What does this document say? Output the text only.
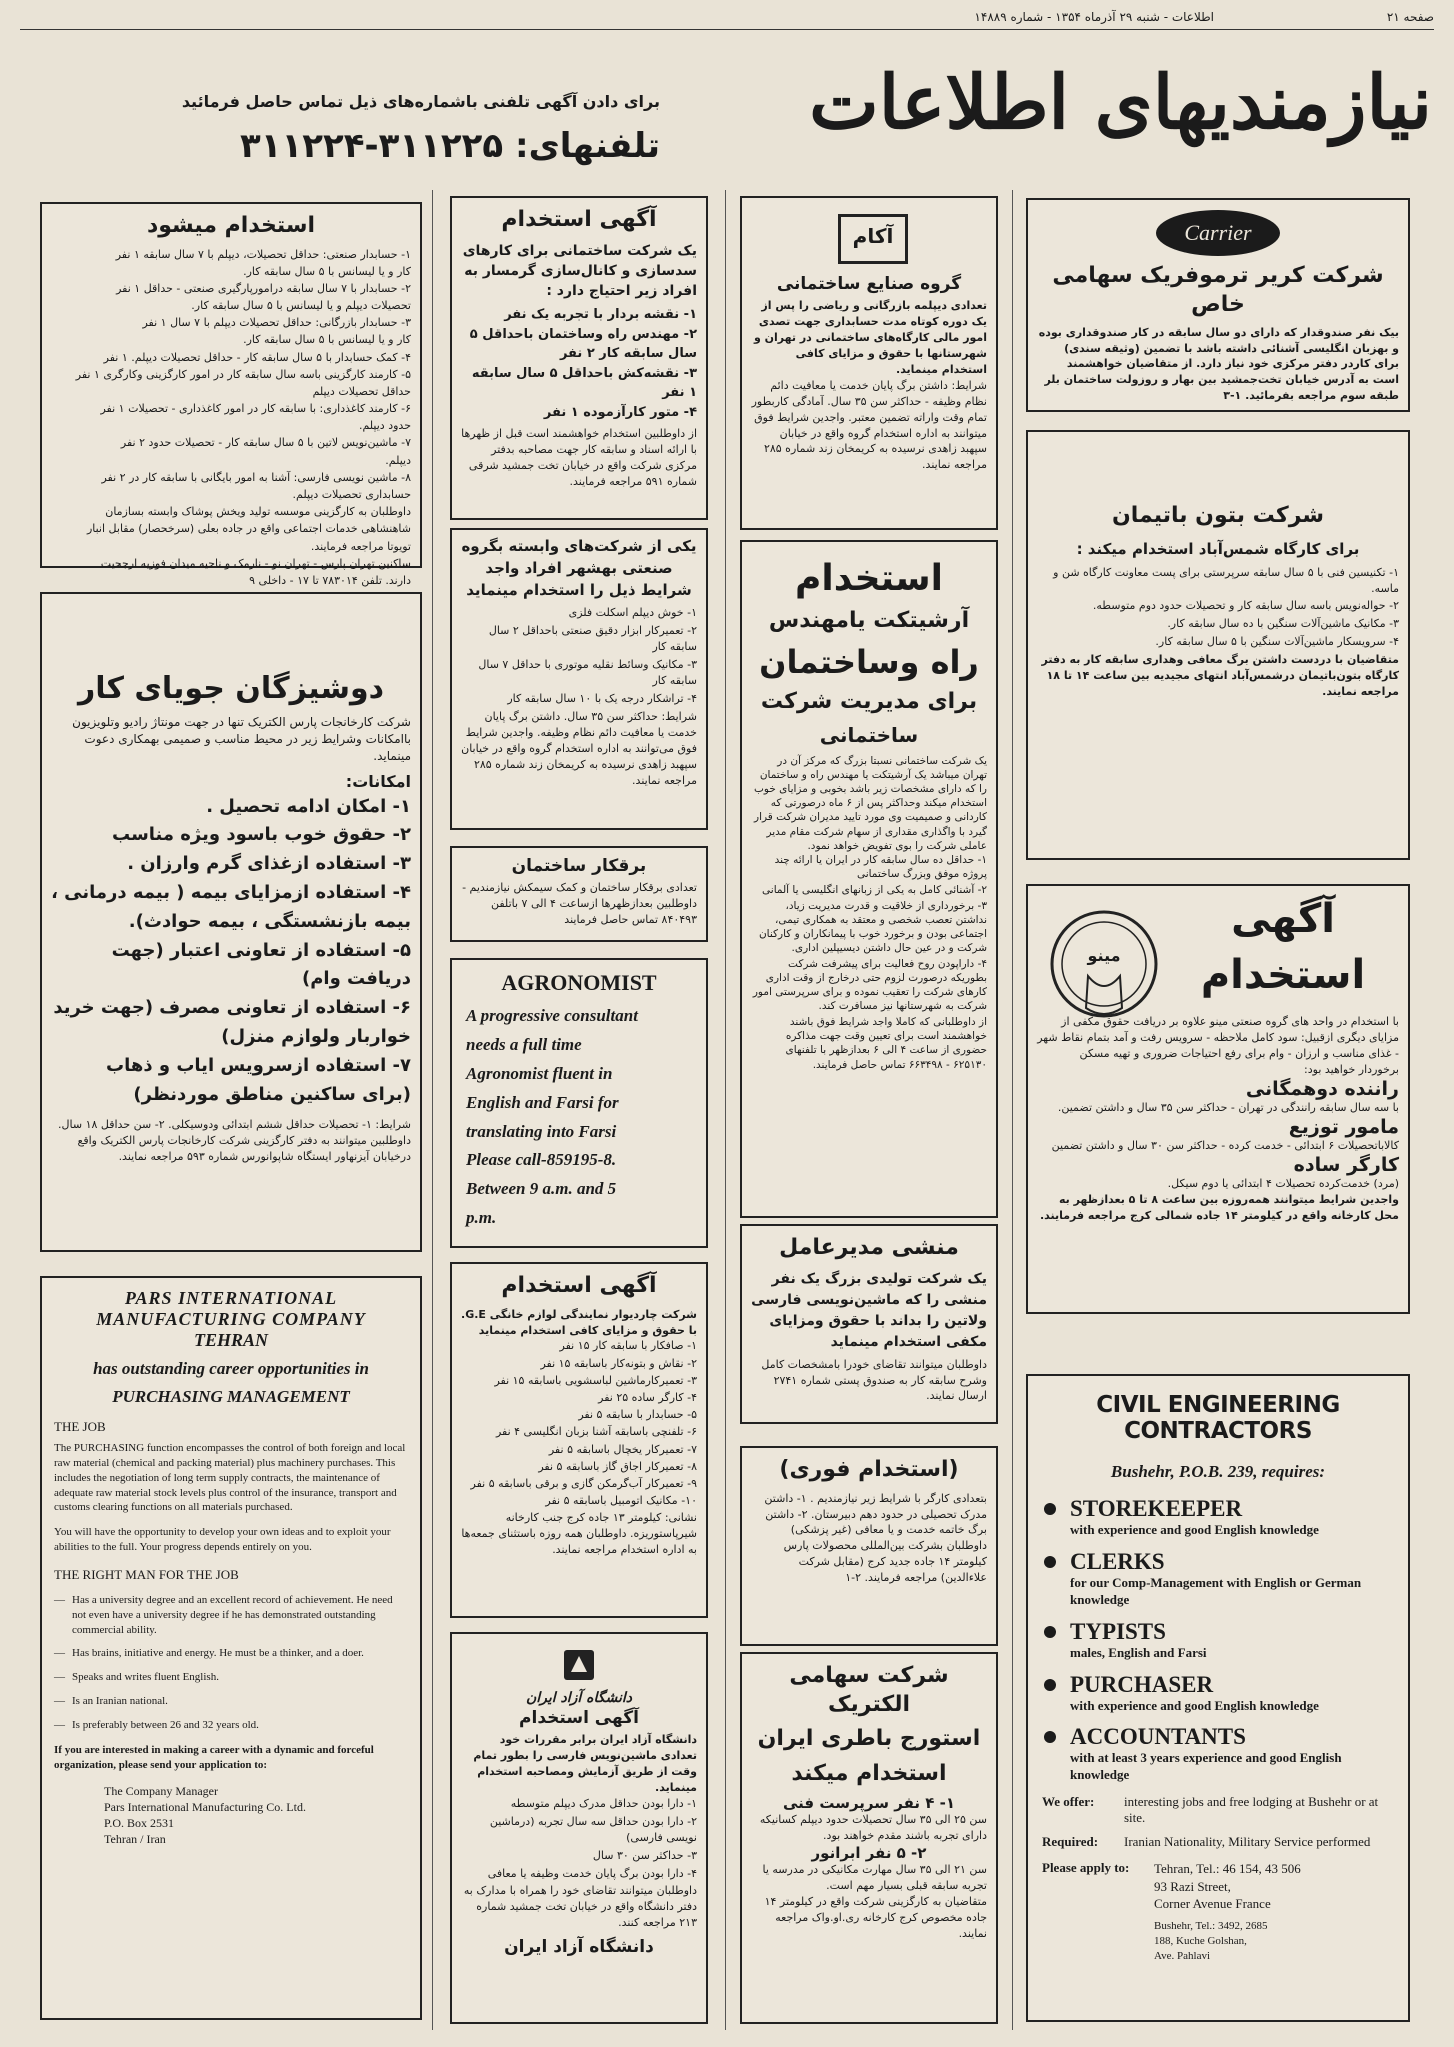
صفحه ۲۱
اطلاعات - شنبه ۲۹ آذرماه ۱۳۵۴ - شماره ۱۴۸۸۹
نیازمندیهای اطلاعات
برای دادن آگهی تلفنی باشماره‌های ذیل تماس حاصل فرمائید
تلفنهای: ۳۱۱۲۲۵-۳۱۱۲۲۴
استخدام میشود
۱- حسابدار صنعتی: حداقل تحصیلات، دیپلم با ۷ سال سابقه ۱ نفر
کار و یا لیسانس با ۵ سال سابقه کار.
۲- حسابدار با ۷ سال سابقه درامورپارگیری صنعتی - حداقل ۱ نفر
تحصیلات دیپلم و یا لیسانس با ۵ سال سابقه کار.
۳- حسابدار بازرگانی: حداقل تحصیلات دیپلم با ۷ سال ۱ نفر
کار و یا لیسانس با ۵ سال سابقه کار.
۴- کمک حسابدار با ۵ سال سابقه کار - حداقل تحصیلات دیپلم. ۱ نفر
۵- کارمند کارگزینی باسه سال سابقه کار در امور کارگزینی وکارگری ۱ نفر
حداقل تحصیلات دیپلم
۶- کارمند کاغذداری: با سابقه کار در امور کاغذداری - تحصیلات ۱ نفر
حدود دیپلم.
۷- ماشین‌نویس لاتین با ۵ سال سابقه کار - تحصیلات حدود ۲ نفر
دیپلم.
۸- ماشین نویسی فارسی: آشنا به امور بایگانی با سابقه کار در ۲ نفر
حسابداری تحصیلات دیپلم.
داوطلبان به کارگزینی موسسه تولید ویخش پوشاک وابسته بسازمان
شاهنشاهی خدمات اجتماعی واقع در جاده بعلی (سرخحصار) مقابل انبار
تویوتا مراجعه فرمایند.
ساکنین تهران پارس - تهران نو - نارمک و ناحیه میدان فوزیه ارجحیت
دارند. تلفن ۷۸۳۰۱۴ تا ۱۷ - داخلی ۹
دوشیزگان جویای کار
شرکت کارخانجات پارس الکتریک تنها در جهت مونتاژ رادیو وتلویزیون باامکانات وشرایط زیر در محیط مناسب و صمیمی بهمکاری دعوت مینماید.
امکانات:
۱- امکان ادامه تحصیل .
۲- حقوق خوب باسود ویژه مناسب
۳- استفاده ازغذای گرم وارزان .
۴- استفاده ازمزایای بیمه ( بیمه درمانی ، بیمه بازنشستگی ، بیمه حوادث).
۵- استفاده از تعاونی اعتبار (جهت دریافت وام)
۶- استفاده از تعاونی مصرف (جهت خرید خواربار ولوازم منزل)
۷- استفاده ازسرویس ایاب و ذهاب (برای ساکنین مناطق موردنظر)
شرایط: ۱- تحصیلات حداقل ششم ابتدائی ودوسیکلی. ۲- سن حداقل ۱۸ سال. داوطلبین میتوانند به دفتر کارگزینی شرکت کارخانجات پارس الکتریک واقع درخیابان آیزنهاور ایستگاه شاپوانورس شماره ۵۹۳ مراجعه نمایند.
PARS INTERNATIONAL
MANUFACTURING COMPANY
TEHRAN
has outstanding career opportunities in
PURCHASING MANAGEMENT
THE JOB
The PURCHASING function encompasses the control of both foreign and local raw material (chemical and packing material) plus machinery purchases. This includes the negotiation of long term supply contracts, the maintenance of adequate raw material stock levels plus control of the insurance, transport and customs clearing functions on all materials purchased.
You will have the opportunity to develop your own ideas and to exploit your abilities to the full. Your progress depends entirely on you.
THE RIGHT MAN FOR THE JOB
— Has a university degree and an excellent record of achievement. He need not even have a university degree if he has demonstrated outstanding commercial ability.
— Has brains, initiative and energy. He must be a thinker, and a doer.
— Speaks and writes fluent English.
— Is an Iranian national.
— Is preferably between 26 and 32 years old.
If you are interested in making a career with a dynamic and forceful organization, please send your application to:
The Company Manager
Pars International Manufacturing Co. Ltd.
P.O. Box 2531
Tehran / Iran
آگهی استخدام
یک شرکت ساختمانی برای کارهای سدسازی و کانال‌سازی گرمسار به افراد زیر احتیاج دارد :
۱- نقشه بردار با تجربه یک نفر
۲- مهندس راه وساختمان باحداقل ۵ سال سابقه کار ۲ نفر
۳- نقشه‌کش باحداقل ۵ سال سابقه ۱ نفر
۴- متور کارآزموده ۱ نفر
از داوطلبین استخدام خواهشمند است قبل از ظهرها با ارائه اسناد و سابقه کار جهت مصاحبه بدفتر مرکزی شرکت واقع در خیابان تخت جمشید شرقی شماره ۵۹۱ مراجعه فرمایند.
یکی از شرکت‌های وابسته بگروه صنعتی بهشهر افراد واجد شرایط ذیل را استخدام مینماید
۱- خوش دیپلم اسکلت فلزی
۲- تعمیرکار ابزار دقیق صنعتی باحداقل ۲ سال سابقه کار
۳- مکانیک وسائط نقلیه موتوری با حداقل ۷ سال سابقه کار
۴- تراشکار درجه یک با ۱۰ سال سابقه کار
شرایط: حداکثر سن ۳۵ سال. داشتن برگ پایان خدمت یا معافیت دائم نظام وظیفه. واجدین شرایط فوق می‌توانند به اداره استخدام گروه واقع در خیابان سپهبد زاهدی نرسیده به کریمخان زند شماره ۲۸۵ مراجعه نمایند.
برقکار ساختمان
تعدادی برقکار ساختمان و کمک سیمکش نیازمندیم - داوطلبین بعدازظهرها ازساعت ۴ الی ۷ باتلفن ۸۴۰۴۹۳ تماس حاصل فرمایند
AGRONOMIST
A progressive consultant
needs a full time
Agronomist fluent in
English and Farsi for
translating into Farsi
Please call-859195-8.
Between 9 a.m. and 5
p.m.
آگهی استخدام
شرکت چاردیوار نمایندگی لوازم خانگی G.E. با حقوق و مزایای کافی استخدام مینماید
۱- صافکار با سابقه کار ۱۵ نفر
۲- نقاش و بتونه‌کار باسابقه ۱۵ نفر
۳- تعمیرکارماشین لباسشویی باسابقه ۱۵ نفر
۴- کارگر ساده ۲۵ نفر
۵- حسابدار با سابقه ۵ نفر
۶- تلفنچی باسابقه آشنا بزبان انگلیسی ۴ نفر
۷- تعمیرکار یخچال باسابقه ۵ نفر
۸- تعمیرکار اجاق گاز باسابقه ۵ نفر
۹- تعمیرکار آب‌گرمکن گازی و برقی باسابقه ۵ نفر
۱۰- مکانیک اتومبیل باسابقه ۵ نفر
نشانی: کیلومتر ۱۳ جاده کرج جنب کارخانه شیرپاستوریزه. داوطلبان همه روزه باستثنای جمعه‌ها به اداره استخدام مراجعه نمایند.
دانشگاه آزاد ایران
آگهی استخدام
دانشگاه آزاد ایران برابر مقررات خود تعدادی ماشین‌نویس فارسی را بطور تمام وقت از طریق آزمایش ومصاحبه استخدام مینماید.
۱- دارا بودن حداقل مدرک دیپلم متوسطه
۲- دارا بودن حداقل سه سال تجربه (درماشین نویسی فارسی)
۳- حداکثر سن ۳۰ سال
۴- دارا بودن برگ پایان خدمت وظیفه یا معافی
داوطلبان میتوانند تقاضای خود را همراه با مدارک به دفتر دانشگاه واقع در خیابان تخت جمشید شماره ۲۱۳ مراجعه کنند.
دانشگاه آزاد ایران
آکام
گروه صنایع ساختمانی
تعدادی دیپلمه بازرگانی و ریاضی را پس از یک دوره کوتاه مدت حسابداری جهت تصدی امور مالی کارگاه‌های ساختمانی در تهران و شهرستانها با حقوق و مزایای کافی استخدام مینماید.
شرایط: داشتن برگ پایان خدمت یا معافیت دائم نظام وظیفه - حداکثر سن ۳۵ سال. آمادگی کاربطور تمام وقت واراته تضمین معتبر. واجدین شرایط فوق میتوانند به اداره استخدام گروه واقع در خیابان سپهبد زاهدی نرسیده به کریمخان زند شماره ۲۸۵ مراجعه نمایند.
استخدام
آرشیتکت یامهندس
راه وساختمان
برای مدیریت شرکت
ساختمانی
یک شرکت ساختمانی نسبتا بزرگ که مرکز آن در تهران میباشد یک آرشیتکت یا مهندس راه و ساختمان را که دارای مشخصات زیر باشد بخوبی و مزایای خوب استخدام میکند وحداکثر پس از ۶ ماه درصورتی که کاردانی و صمیمیت وی مورد تایید مدیران شرکت قرار گیرد با واگذاری مقداری از سهام شرکت مقام مدیر عاملی شرکت را بوی تفویض خواهد نمود.
۱- حداقل ده سال سابقه کار در ایران یا ارائه چند پروژه موفق وبزرگ ساختمانی
۲- آشنائی کامل به یکی از زبانهای انگلیسی یا آلمانی
۳- برخورداری از خلاقیت و قدرت مدیریت زیاد، نداشتن تعصب شخصی و معتقد به همکاری تیمی، اجتماعی بودن و برخورد خوب با پیمانکاران و کارکنان شرکت و در عین حال داشتن دیسیپلین اداری.
۴- داراپودن روح فعالیت برای پیشرفت شرکت بطوریکه درصورت لزوم حتی درخارج از وقت اداری کارهای شرکت را تعقیب نموده و برای سرپرستی امور شرکت به شهرستانها نیز مسافرت کند.
از داوطلبانی که کاملا واجد شرایط فوق باشند خواهشمند است برای تعیین وقت جهت مذاکره حضوری از ساعت ۴ الی ۶ بعدازظهر با تلفنهای ۶۲۵۱۳۰ - ۶۶۳۴۹۸ تماس حاصل فرمایند.
منشی مدیرعامل
یک شرکت تولیدی بزرگ یک نفر منشی را که ماشین‌نویسی فارسی ولاتین را بداند با حقوق ومزایای مکفی استخدام مینماید
داوطلبان میتوانند تقاضای خودرا بامشخصات کامل وشرح سابقه کار به صندوق پستی شماره ۲۷۴۱ ارسال نمایند.
(استخدام فوری)
بتعدادی کارگر با شرایط زیر نیازمندیم . ۱- داشتن مدرک تحصیلی در حدود دهم دبیرستان. ۲- داشتن برگ خاتمه خدمت و یا معافی (غیر پزشکی)
داوطلبان بشرکت بین‌المللی محصولات پارس کیلومتر ۱۴ جاده جدید کرج (مقابل شرکت علاءالدین) مراجعه فرمایند. ۲-۱
شرکت سهامی الکتریک
استورج باطری ایران
استخدام میکند
۱- ۴ نفر سرپرست فنی
سن ۲۵ الی ۳۵ سال تحصیلات حدود دیپلم کسانیکه دارای تجربه باشند مقدم خواهند بود.
۲- ۵ نفر ابرانور
سن ۲۱ الی ۳۵ سال مهارت مکانیکی در مدرسه یا تجربه سابقه قبلی بسیار مهم است.
متقاضیان به کارگزینی شرکت واقع در کیلومتر ۱۴ جاده مخصوص کرج کارخانه ری.او.واک مراجعه نمایند.
Carrier
شرکت کریر ترموفریک سهامی خاص
بیک نفر صندوقدار که دارای دو سال سابقه در کار صندوقداری بوده و بهزبان انگلیسی آشنائی داشته باشد با تضمین (وثیقه سندی) برای کاردر دفتر مرکزی خود نیاز دارد. از متقاضیان خواهشمند است به آدرس خیابان تخت‌جمشید بین بهار و روزولت ساختمان بلر طبقه سوم مراجعه بفرمائید. ۱-۳
شرکت بتون باتیمان
برای کارگاه شمس‌آباد استخدام میکند :
۱- تکنیسین فنی با ۵ سال سابقه سرپرستی برای پست معاونت کارگاه شن و ماسه.
۲- حواله‌نویس باسه سال سابقه کار و تحصیلات حدود دوم متوسطه.
۳- مکانیک ماشین‌آلات سنگین با ده سال سابقه کار.
۴- سرویسکار ماشین‌آلات سنگین با ۵ سال سابقه کار.
متقاضیان با دردست داشتن برگ معافی وهداری سابقه کار به دفتر کارگاه بتون‌باتیمان درشمس‌آباد انتهای مجیدیه بین ساعت ۱۴ تا ۱۸ مراجعه نمایند.
مینو
آگهی
استخدام
با استخدام در واحد های گروه صنعتی مینو علاوه بر دریافت حقوق مکفی از مزایای دیگری ازقبیل: سود کامل ملاحظه - سرویس رفت و آمد بتمام نقاط شهر - غذای مناسب و ارزان - وام برای رفع احتیاجات ضروری و تهیه مسکن برخوردار خواهید بود:
راننده دوهمگانی
با سه سال سابقه رانندگی در تهران - حداکثر سن ۳۵ سال و داشتن تضمین.
مامور توزیع
کالاباتحصیلات ۶ ابتدائی - خدمت کرده - حداکثر سن ۳۰ سال و داشتن تضمین
کارگر ساده
(مرد) خدمت‌کرده تحصیلات ۴ ابتدائی یا دوم سیکل.
واجدین شرایط میتوانند همه‌روزه بین ساعت ۸ تا ۵ بعدازظهر به محل کارخانه واقع در کیلومتر ۱۴ جاده شمالی کرج مراجعه فرمایند.
CIVIL ENGINEERING CONTRACTORS
Bushehr, P.O.B. 239, requires:
STOREKEEPER
with experience and good English knowledge
CLERKS
for our Comp-Management with English or German knowledge
TYPISTS
males, English and Farsi
PURCHASER
with experience and good English knowledge
ACCOUNTANTS
with at least 3 years experience and good English knowledge
We offer:	interesting jobs and free lodging at Bushehr or at site.
Required:	Iranian Nationality, Military Service performed
Please apply to:	Tehran, Tel.: 46 154, 43 506
93 Razi Street,
Corner Avenue France
Bushehr, Tel.: 3492, 2685
188, Kuche Golshan,
Ave. Pahlavi
